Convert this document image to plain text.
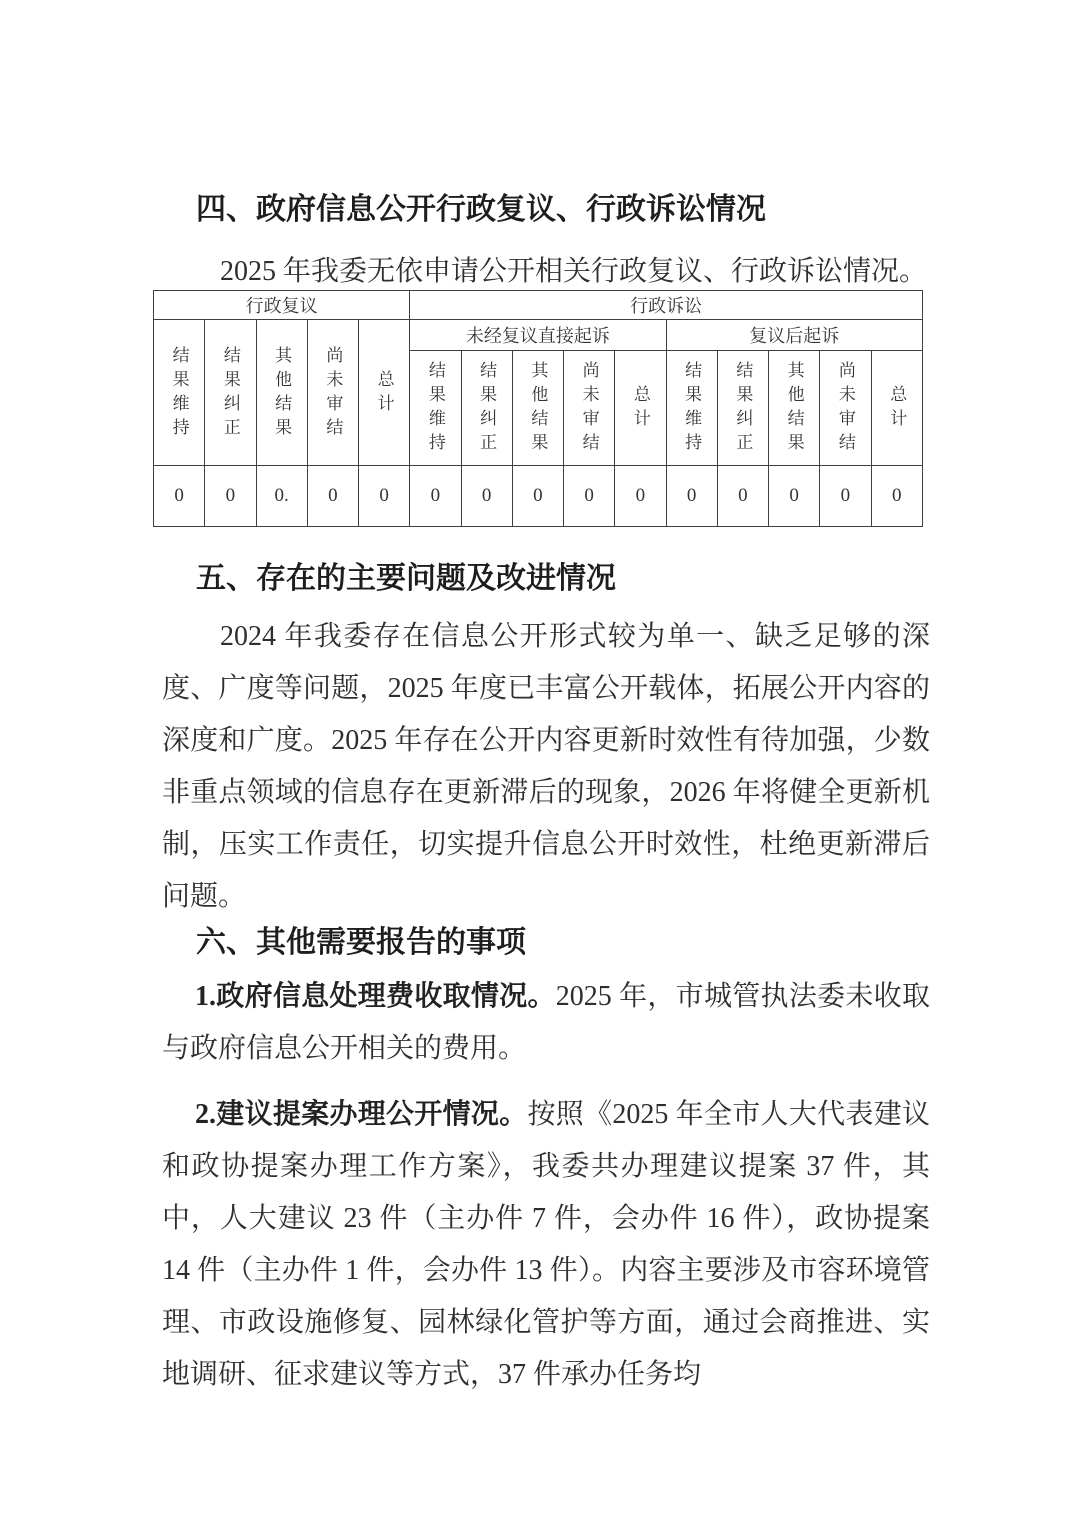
四、政府信息公开行政复议、行政诉讼情况

2025 年我委无依申请公开相关行政复议、行政诉讼情况。

行政复议					行政诉讼									
结果维持	结果纠正	其他结果	尚未审结	总计	未经复议直接起诉					复议后起诉				
					结果维持	结果纠正	其他结果	尚未审结	总计	结果维持	结果纠正	其他结果	尚未审结	总计
0	0	0.	0	0	0	0	0	0	0	0	0	0	0	0
五、存在的主要问题及改进情况

2024 年我委存在信息公开形式较为单一、缺乏足够的深度、广度等问题，2025 年度已丰富公开载体，拓展公开内容的深度和广度。2025 年存在公开内容更新时效性有待加强，少数非重点领域的信息存在更新滞后的现象，2026 年将健全更新机制，压实工作责任，切实提升信息公开时效性，杜绝更新滞后问题。

六、其他需要报告的事项

1.政府信息处理费收取情况。2025 年，市城管执法委未收取与政府信息公开相关的费用。

2.建议提案办理公开情况。按照《2025 年全市人大代表建议和政协提案办理工作方案》，我委共办理建议提案 37 件，其中，人大建议 23 件（主办件 7 件，会办件 16 件），政协提案 14 件（主办件 1 件，会办件 13 件）。内容主要涉及市容环境管理、市政设施修复、园林绿化管护等方面，通过会商推进、实地调研、征求建议等方式，37 件承办任务均
